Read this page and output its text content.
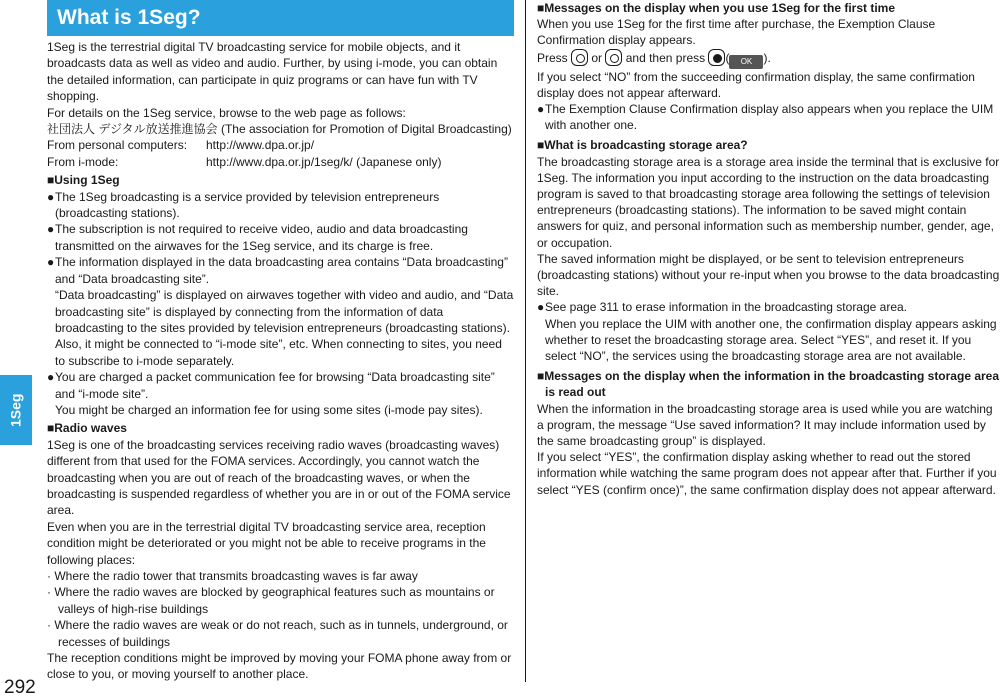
1Seg
292
What is 1Seg?

1Seg is the terrestrial digital TV broadcasting service for mobile objects, and it broadcasts data as well as video and audio. Further, by using i-mode, you can obtain the detailed information, can participate in quiz programs or can have fun with TV shopping.

For details on the 1Seg service, browse to the web page as follows:

社団法人 デジタル放送推進協会 (The association for Promotion of Digital Broadcasting)

From personal computers:	http://www.dpa.or.jp/
From i-mode:	http://www.dpa.or.jp/1seg/k/ (Japanese only)

■Using 1Seg

●The 1Seg broadcasting is a service provided by television entrepreneurs (broadcasting stations).

●The subscription is not required to receive video, audio and data broadcasting transmitted on the airwaves for the 1Seg service, and its charge is free.

●The information displayed in the data broadcasting area contains “Data broadcasting” and “Data broadcasting site”.

“Data broadcasting” is displayed on airwaves together with video and audio, and “Data broadcasting site” is displayed by connecting from the information of data broadcasting to the sites provided by television entrepreneurs (broadcasting stations). Also, it might be connected to “i-mode site”, etc. When connecting to sites, you need to subscribe to i-mode separately.

●You are charged a packet communication fee for browsing “Data broadcasting site” and “i-mode site”.

You might be charged an information fee for using some sites (i-mode pay sites).

■Radio waves

1Seg is one of the broadcasting services receiving radio waves (broadcasting waves) different from that used for the FOMA services. Accordingly, you cannot watch the broadcasting when you are out of reach of the broadcasting waves, or when the broadcasting is suspended regardless of whether you are in or out of the FOMA service area.

Even when you are in the terrestrial digital TV broadcasting service area, reception condition might be deteriorated or you might not be able to receive programs in the following places:

· Where the radio tower that transmits broadcasting waves is far away

· Where the radio waves are blocked by geographical features such as mountains or valleys of high-rise buildings

· Where the radio waves are weak or do not reach, such as in tunnels, underground, or recesses of buildings

The reception conditions might be improved by moving your FOMA phone away from or close to you, or moving yourself to another place.

■Messages on the display when you use 1Seg for the first time

When you use 1Seg for the first time after purchase, the Exemption Clause Confirmation display appears.

Press or and then press ( OK ).

If you select “NO” from the succeeding confirmation display, the same confirmation display does not appear afterward.

●The Exemption Clause Confirmation display also appears when you replace the UIM with another one.

■What is broadcasting storage area?

The broadcasting storage area is a storage area inside the terminal that is exclusive for 1Seg. The information you input according to the instruction on the data broadcasting program is saved to that broadcasting storage area following the settings of television entrepreneurs (broadcasting stations). The information to be saved might contain answers for quiz, and personal information such as membership number, gender, age, or occupation.

The saved information might be displayed, or be sent to television entrepreneurs (broadcasting stations) without your re-input when you browse to the data broadcasting site.

●See page 311 to erase information in the broadcasting storage area.

When you replace the UIM with another one, the confirmation display appears asking whether to reset the broadcasting storage area. Select “YES”, and reset it. If you select “NO”, the services using the broadcasting storage area are not available.

■Messages on the display when the information in the broadcasting storage area is read out

When the information in the broadcasting storage area is used while you are watching a program, the message “Use saved information? It may include information used by the same broadcasting group” is displayed.

If you select “YES”, the confirmation display asking whether to read out the stored information while watching the same program does not appear after that. Further if you select “YES (confirm once)”, the same confirmation display does not appear afterward.
